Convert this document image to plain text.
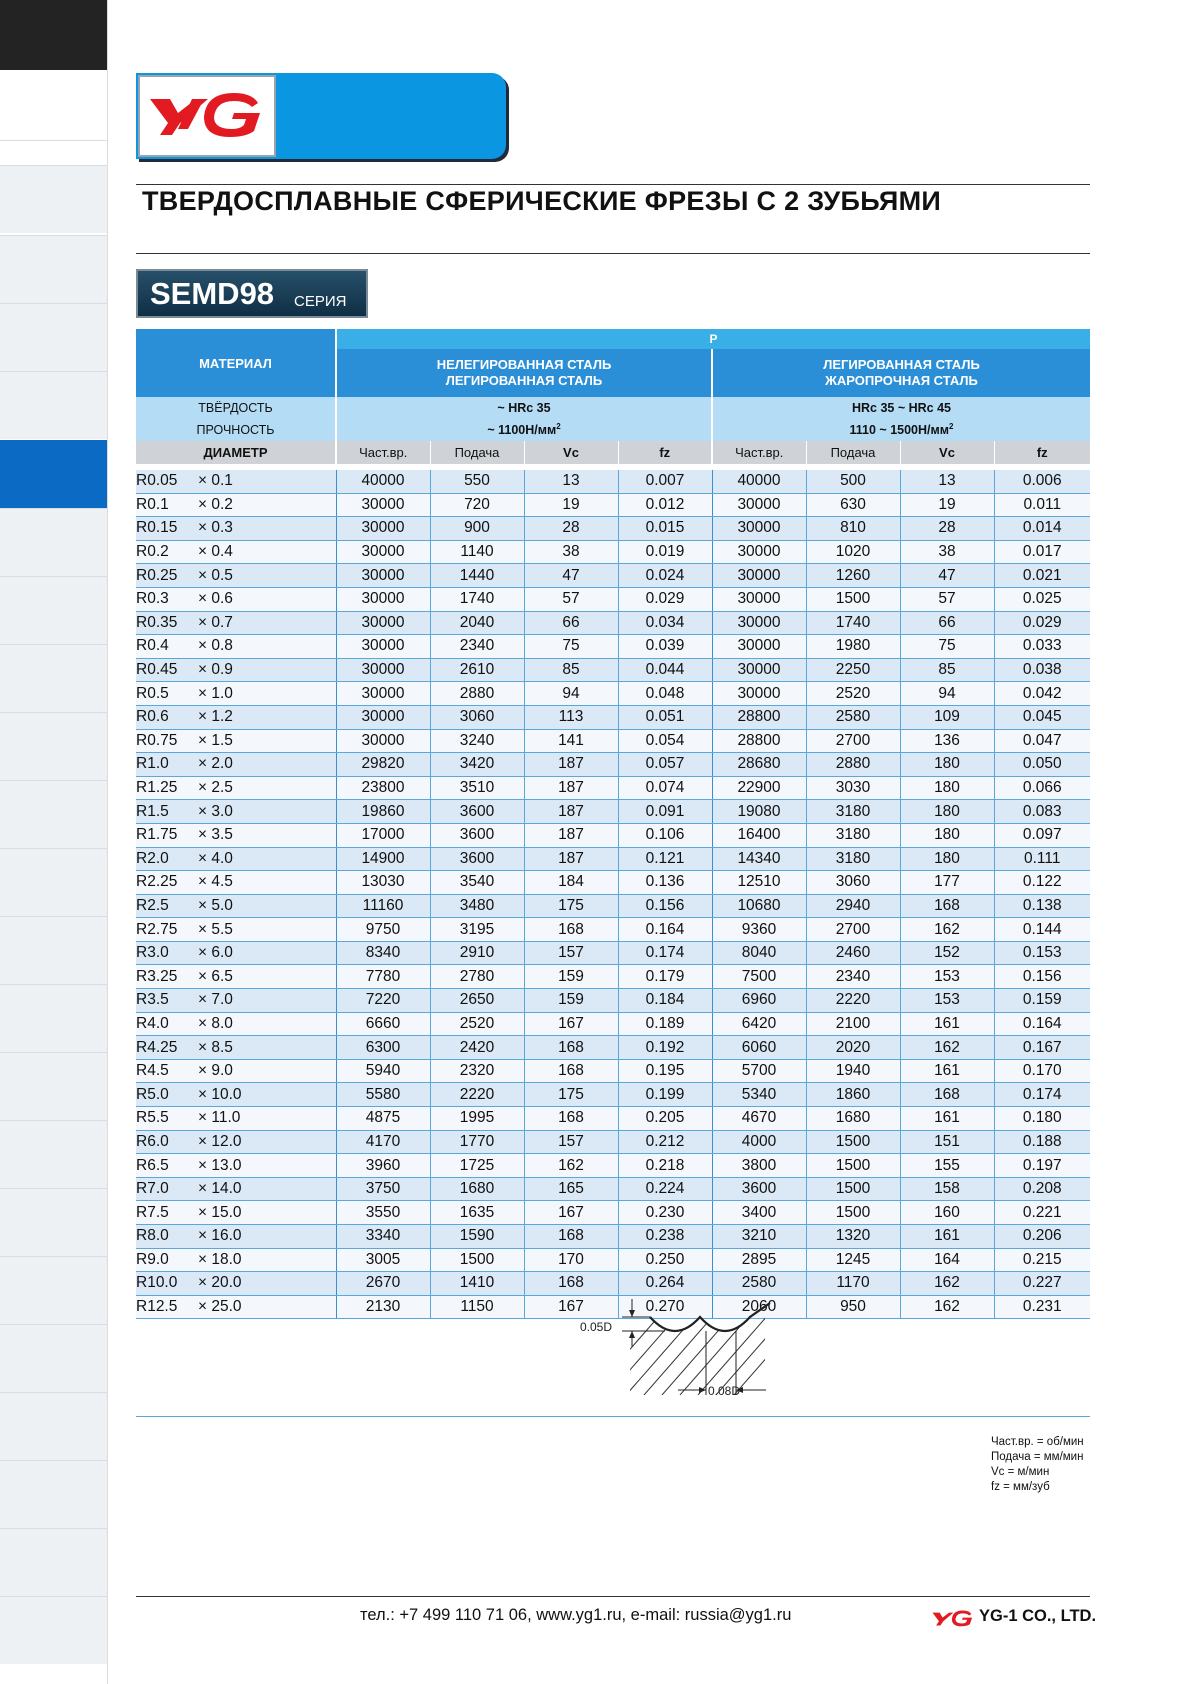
ТВЕРДОСПЛАВНЫЕ СФЕРИЧЕСКИЕ ФРЕЗЫ С 2 ЗУБЬЯМИ
SEMD98 СЕРИЯ
МАТЕРИАЛ	P							
	НЕЛЕГИРОВАННАЯ СТАЛЬ
ЛЕГИРОВАННАЯ СТАЛЬ				ЛЕГИРОВАННАЯ СТАЛЬ
ЖАРОПРОЧНАЯ СТАЛЬ			
ТВЁРДОСТЬ	~ HRc 35				HRc 35 ~ HRc 45			
ПРОЧНОСТЬ	~ $1100Н/мм^2$				1110 ~ $1500Н/мм^2$
ДИАМЕТР	Част.вр.	Подача	Vc	fz	Част.вр.	Подача	Vc	fz

R0.05 × 0.1	40000	550	13	0.007	40000	500	13	0.006
R0.1 × 0.2	30000	720	19	0.012	30000	630	19	0.011
R0.15 × 0.3	30000	900	28	0.015	30000	810	28	0.014
R0.2 × 0.4	30000	1140	38	0.019	30000	1020	38	0.017
R0.25 × 0.5	30000	1440	47	0.024	30000	1260	47	0.021
R0.3 × 0.6	30000	1740	57	0.029	30000	1500	57	0.025
R0.35 × 0.7	30000	2040	66	0.034	30000	1740	66	0.029
R0.4 × 0.8	30000	2340	75	0.039	30000	1980	75	0.033
R0.45 × 0.9	30000	2610	85	0.044	30000	2250	85	0.038
R0.5 × 1.0	30000	2880	94	0.048	30000	2520	94	0.042
R0.6 × 1.2	30000	3060	113	0.051	28800	2580	109	0.045
R0.75 × 1.5	30000	3240	141	0.054	28800	2700	136	0.047
R1.0 × 2.0	29820	3420	187	0.057	28680	2880	180	0.050
R1.25 × 2.5	23800	3510	187	0.074	22900	3030	180	0.066
R1.5 × 3.0	19860	3600	187	0.091	19080	3180	180	0.083
R1.75 × 3.5	17000	3600	187	0.106	16400	3180	180	0.097
R2.0 × 4.0	14900	3600	187	0.121	14340	3180	180	0.111
R2.25 × 4.5	13030	3540	184	0.136	12510	3060	177	0.122
R2.5 × 5.0	11160	3480	175	0.156	10680	2940	168	0.138
R2.75 × 5.5	9750	3195	168	0.164	9360	2700	162	0.144
R3.0 × 6.0	8340	2910	157	0.174	8040	2460	152	0.153
R3.25 × 6.5	7780	2780	159	0.179	7500	2340	153	0.156
R3.5 × 7.0	7220	2650	159	0.184	6960	2220	153	0.159
R4.0 × 8.0	6660	2520	167	0.189	6420	2100	161	0.164
R4.25 × 8.5	6300	2420	168	0.192	6060	2020	162	0.167
R4.5 × 9.0	5940	2320	168	0.195	5700	1940	161	0.170
R5.0 × 10.0	5580	2220	175	0.199	5340	1860	168	0.174
R5.5 × 11.0	4875	1995	168	0.205	4670	1680	161	0.180
R6.0 × 12.0	4170	1770	157	0.212	4000	1500	151	0.188
R6.5 × 13.0	3960	1725	162	0.218	3800	1500	155	0.197
R7.0 × 14.0	3750	1680	165	0.224	3600	1500	158	0.208
R7.5 × 15.0	3550	1635	167	0.230	3400	1500	160	0.221
R8.0 × 16.0	3340	1590	168	0.238	3210	1320	161	0.206
R9.0 × 18.0	3005	1500	170	0.250	2895	1245	164	0.215
R10.0 × 20.0	2670	1410	168	0.264	2580	1170	162	0.227
R12.5 × 25.0	2130	1150	167	0.270	2060	950	162	0.231
0.05D
0.08D
Част.вр. = об/мин
Подача = мм/мин
Vc = м/мин
fz = мм/зуб
тел.: +7 499 110 71 06, www.yg1.ru, e-mail: russia@yg1.ru	YG-1 CO., LTD.
